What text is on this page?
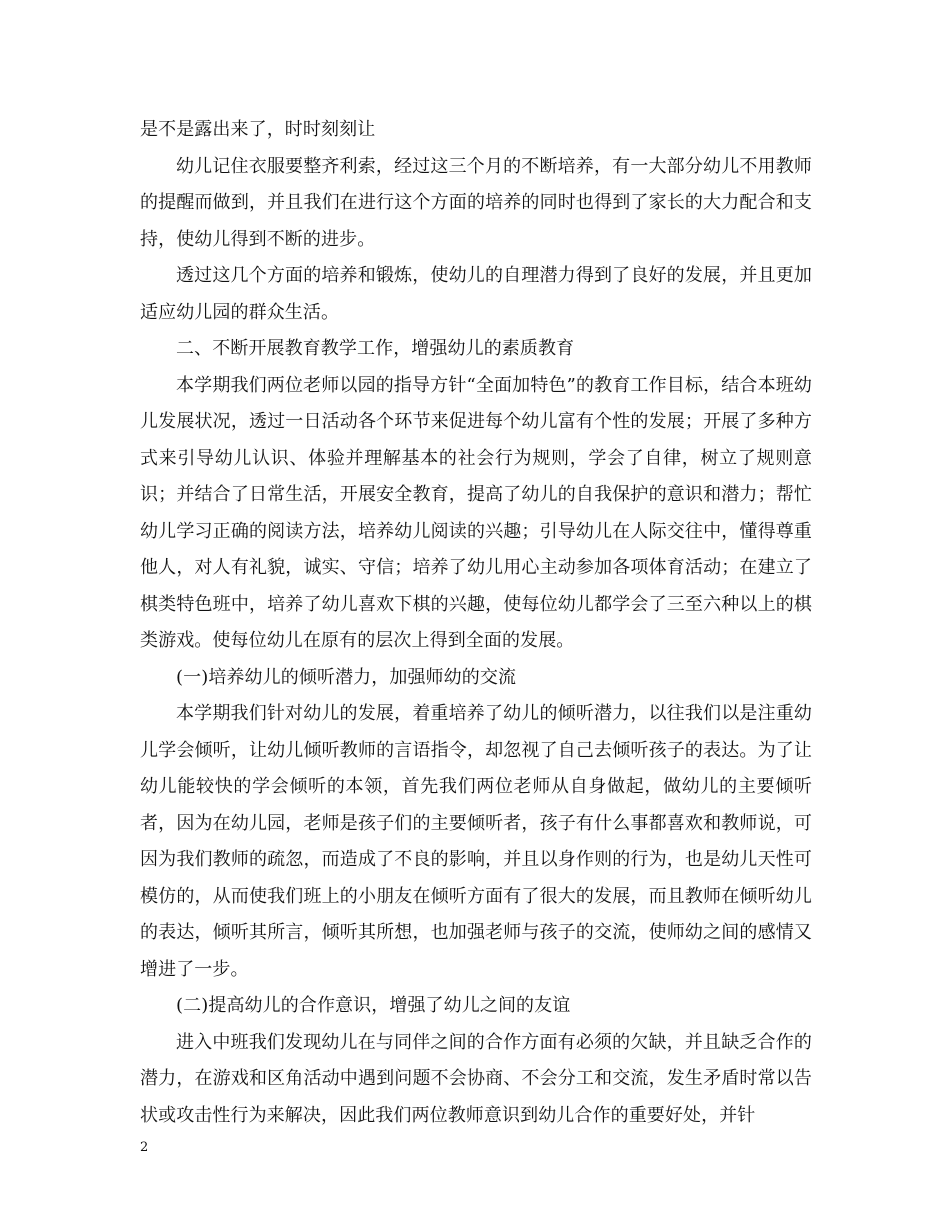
是不是露出来了，时时刻刻让

幼儿记住衣服要整齐利索，经过这三个月的不断培养，有一大部分幼儿不用教师的提醒而做到，并且我们在进行这个方面的培养的同时也得到了家长的大力配合和支持，使幼儿得到不断的进步。

透过这几个方面的培养和锻炼，使幼儿的自理潜力得到了良好的发展，并且更加适应幼儿园的群众生活。

二、不断开展教育教学工作，增强幼儿的素质教育

本学期我们两位老师以园的指导方针“全面加特色”的教育工作目标，结合本班幼儿发展状况，透过一日活动各个环节来促进每个幼儿富有个性的发展；开展了多种方式来引导幼儿认识、体验并理解基本的社会行为规则，学会了自律，树立了规则意识；并结合了日常生活，开展安全教育，提高了幼儿的自我保护的意识和潜力；帮忙幼儿学习正确的阅读方法，培养幼儿阅读的兴趣；引导幼儿在人际交往中，懂得尊重他人，对人有礼貌，诚实、守信；培养了幼儿用心主动参加各项体育活动；在建立了棋类特色班中，培养了幼儿喜欢下棋的兴趣，使每位幼儿都学会了三至六种以上的棋类游戏。使每位幼儿在原有的层次上得到全面的发展。

(一)培养幼儿的倾听潜力，加强师幼的交流

本学期我们针对幼儿的发展，着重培养了幼儿的倾听潜力，以往我们以是注重幼儿学会倾听，让幼儿倾听教师的言语指令，却忽视了自己去倾听孩子的表达。为了让幼儿能较快的学会倾听的本领，首先我们两位老师从自身做起，做幼儿的主要倾听者，因为在幼儿园，老师是孩子们的主要倾听者，孩子有什么事都喜欢和教师说，可因为我们教师的疏忽，而造成了不良的影响，并且以身作则的行为，也是幼儿天性可模仿的，从而使我们班上的小朋友在倾听方面有了很大的发展，而且教师在倾听幼儿的表达，倾听其所言，倾听其所想，也加强老师与孩子的交流，使师幼之间的感情又增进了一步。

(二)提高幼儿的合作意识，增强了幼儿之间的友谊

进入中班我们发现幼儿在与同伴之间的合作方面有必须的欠缺，并且缺乏合作的潜力，在游戏和区角活动中遇到问题不会协商、不会分工和交流，发生矛盾时常以告状或攻击性行为来解决，因此我们两位教师意识到幼儿合作的重要好处，并针

2
